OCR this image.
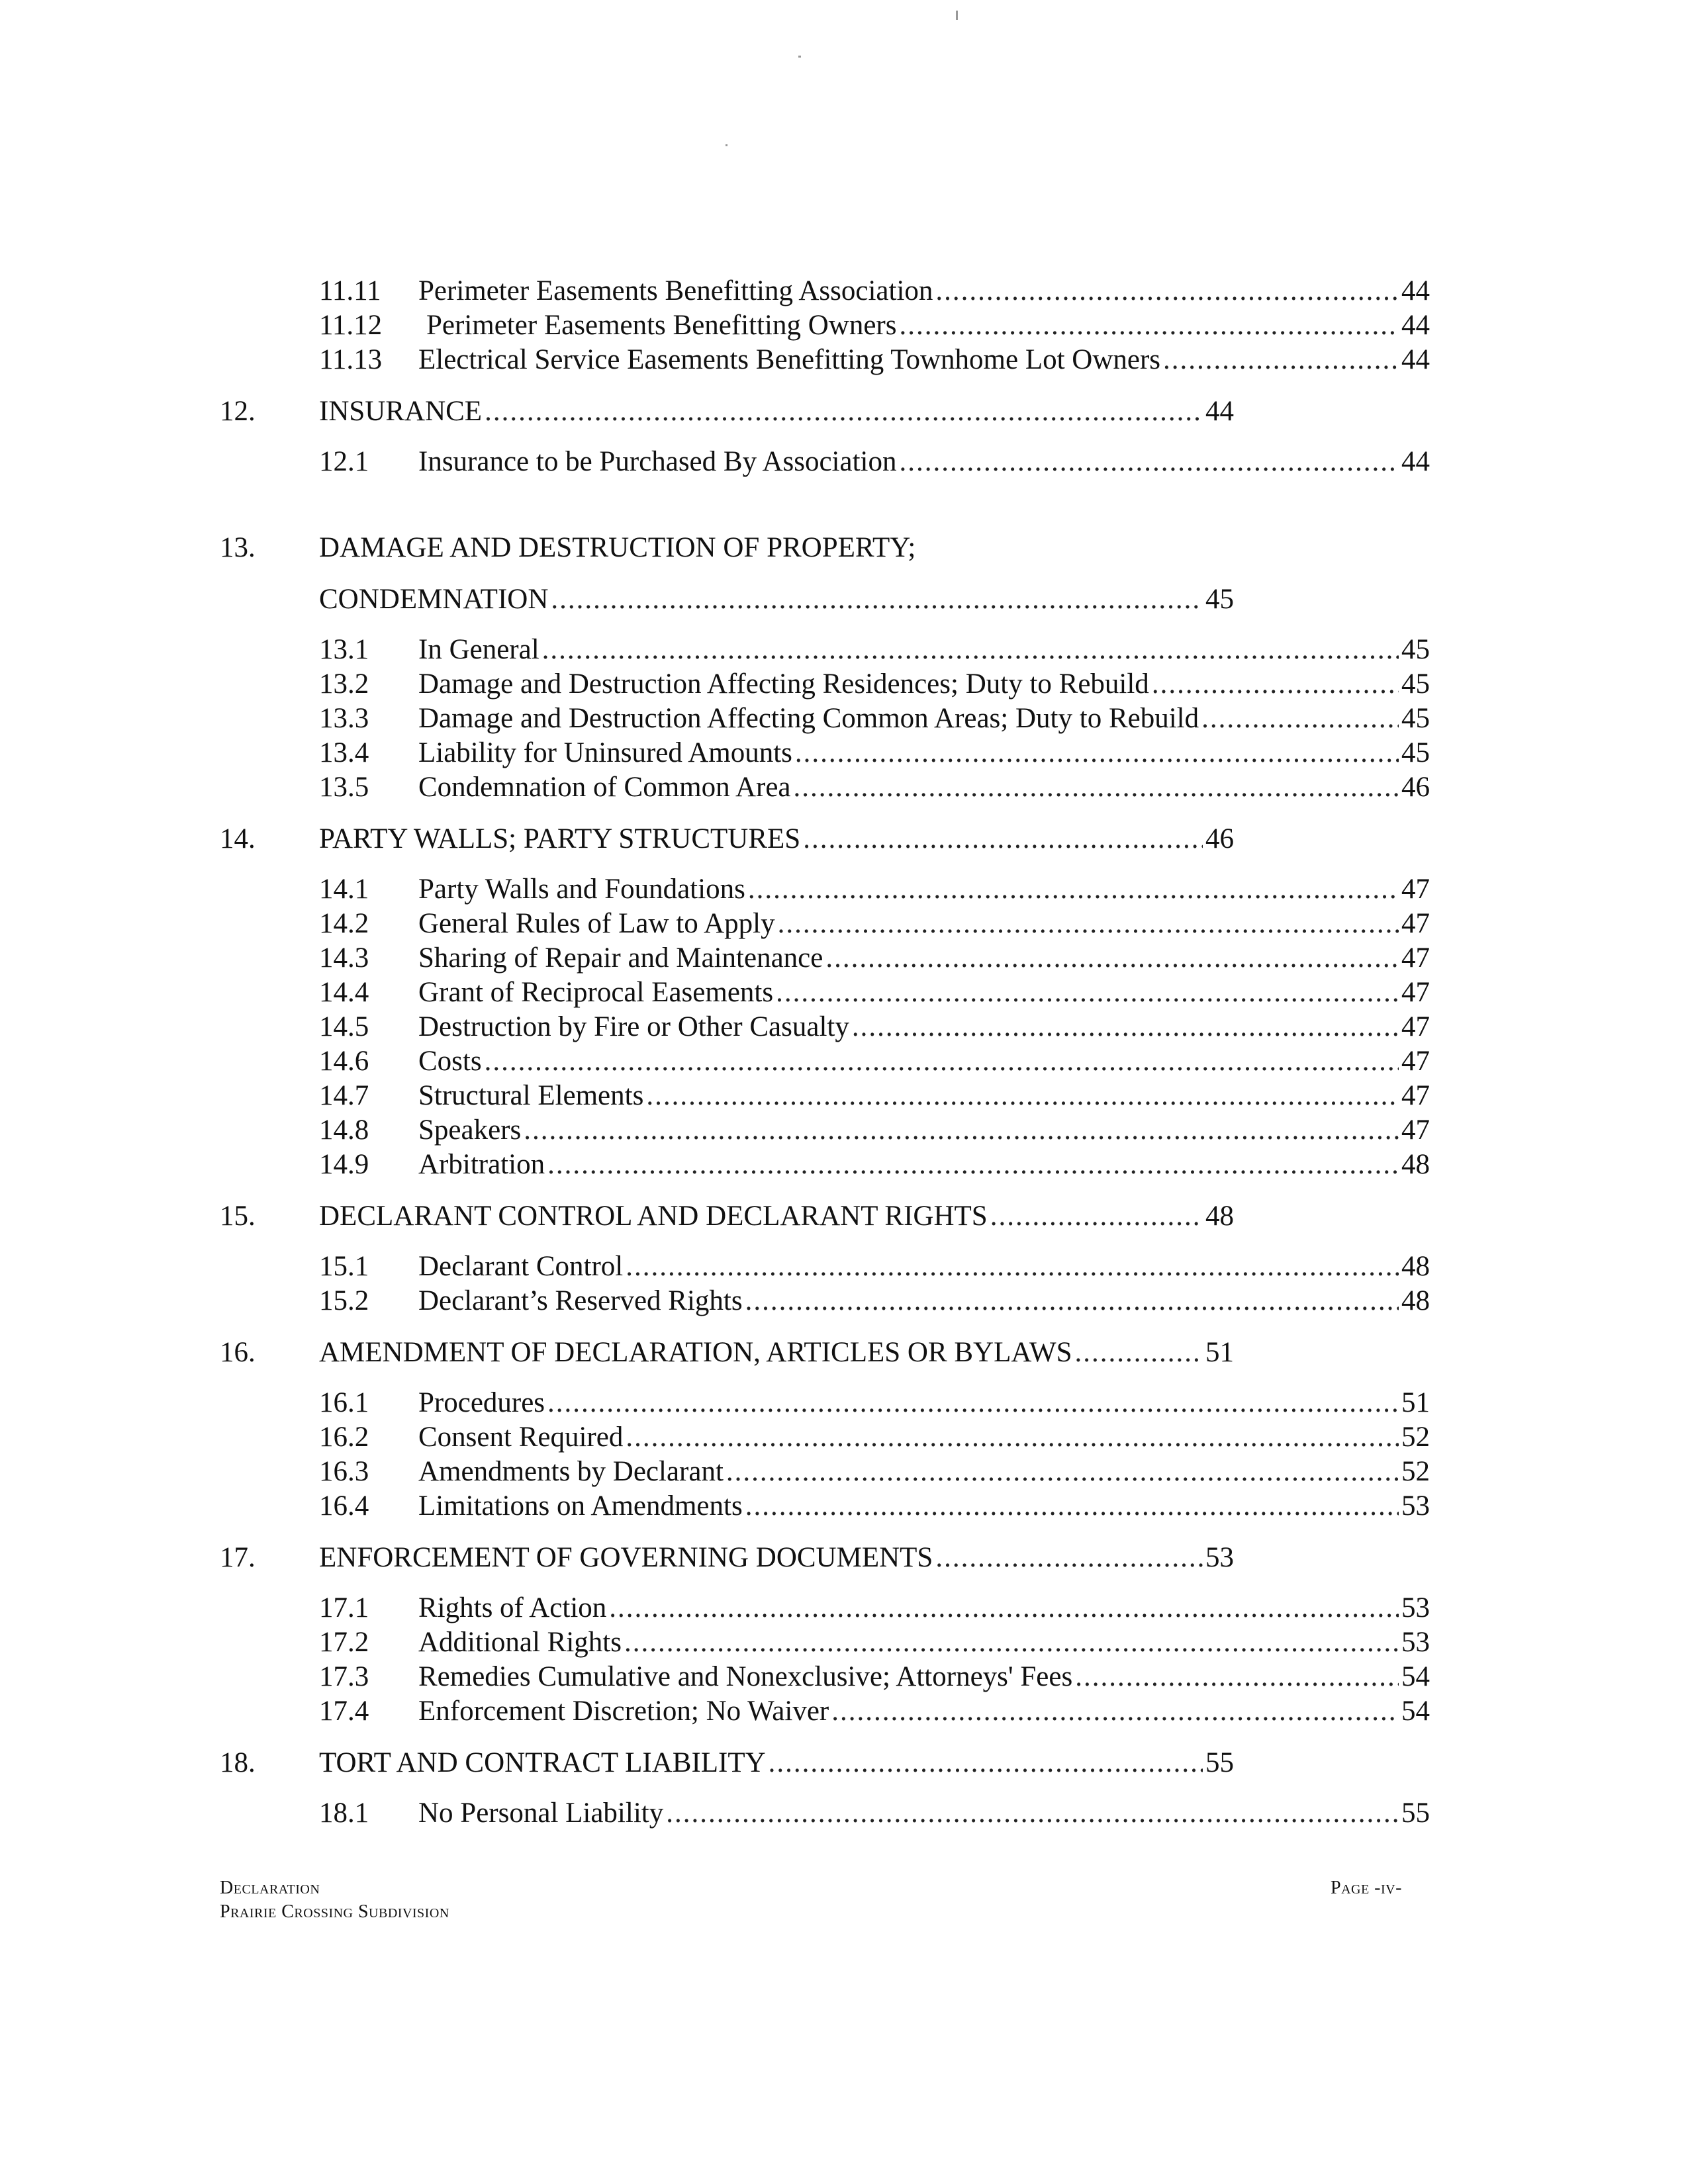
11.11 Perimeter Easements Benefitting Association .....	44
11.12 Perimeter Easements Benefitting Owners .....	44
11.13 Electrical Service Easements Benefitting Townhome Lot Owners .....	44
12. INSURANCE .....	44
12.1 Insurance to be Purchased By Association .....	44
13. DAMAGE AND DESTRUCTION OF PROPERTY;
CONDEMNATION .....	45
13.1 In General .....	45
13.2 Damage and Destruction Affecting Residences; Duty to Rebuild .....	45
13.3 Damage and Destruction Affecting Common Areas; Duty to Rebuild .....	45
13.4 Liability for Uninsured Amounts .....	45
13.5 Condemnation of Common Area .....	46
14. PARTY WALLS; PARTY STRUCTURES .....	46
14.1 Party Walls and Foundations .....	47
14.2 General Rules of Law to Apply .....	47
14.3 Sharing of Repair and Maintenance .....	47
14.4 Grant of Reciprocal Easements .....	47
14.5 Destruction by Fire or Other Casualty .....	47
14.6 Costs .....	47
14.7 Structural Elements .....	47
14.8 Speakers .....	47
14.9 Arbitration .....	48
15. DECLARANT CONTROL AND DECLARANT RIGHTS .....	48
15.1 Declarant Control .....	48
15.2 Declarant’s Reserved Rights .....	48
16. AMENDMENT OF DECLARATION, ARTICLES OR BYLAWS .....	51
16.1 Procedures .....	51
16.2 Consent Required .....	52
16.3 Amendments by Declarant .....	52
16.4 Limitations on Amendments .....	53
17. ENFORCEMENT OF GOVERNING DOCUMENTS .....	53
17.1 Rights of Action .....	53
17.2 Additional Rights .....	53
17.3 Remedies Cumulative and Nonexclusive; Attorneys' Fees .....	54
17.4 Enforcement Discretion; No Waiver .....	54
18. TORT AND CONTRACT LIABILITY .....	55
18.1 No Personal Liability .....	55
Declaration
Prairie Crossing Subdivision
Page -iv-
